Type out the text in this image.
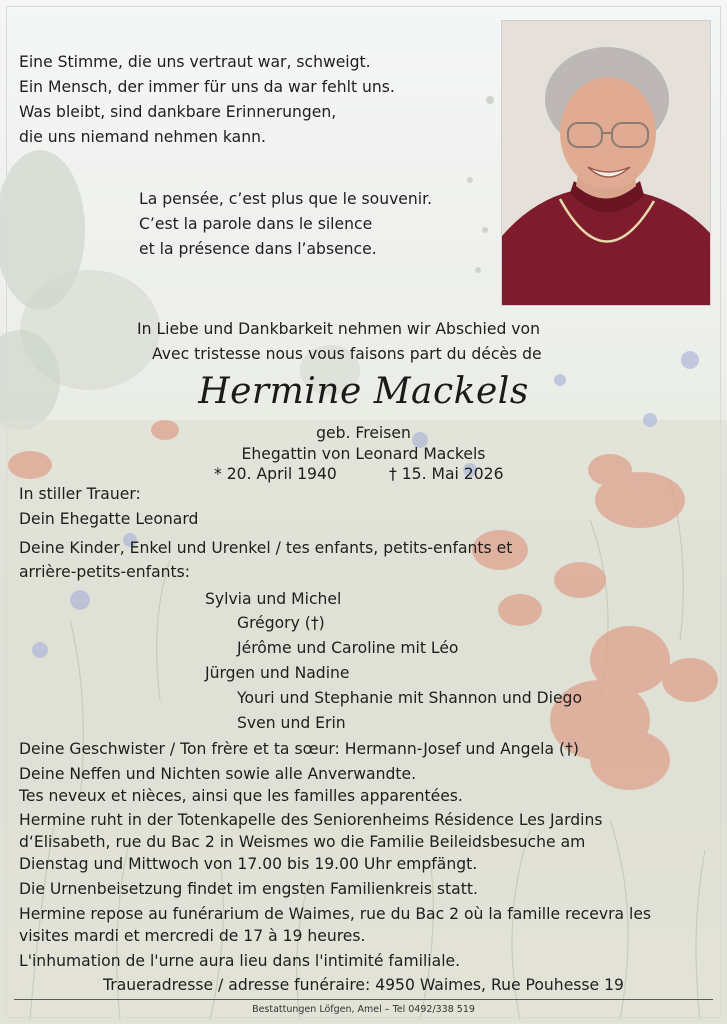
Eine Stimme, die uns vertraut war, schweigt.
Ein Mensch, der immer für uns da war fehlt uns.
Was bleibt, sind dankbare Erinnerungen,
die uns niemand nehmen kann.
La pensée, c’est plus que le souvenir.
C’est la parole dans le silence
et la présence dans l’absence.
In Liebe und Dankbarkeit nehmen wir Abschied von
Avec tristesse nous vous faisons part du décès de
Hermine Mackels
geb. Freisen
Ehegattin von Leonard Mackels
* 20. April 1940	† 15. Mai 2026
In stiller Trauer:
Dein Ehegatte Leonard
Deine Kinder, Enkel und Urenkel / tes enfants, petits-enfants et
arrière-petits-enfants:
Sylvia und Michel
Grégory (†)
Jérôme und Caroline mit Léo
Jürgen und Nadine
Youri und Stephanie mit Shannon und Diego
Sven und Erin
Deine Geschwister / Ton frère et ta sœur: Hermann-Josef und Angela (†)
Deine Neffen und Nichten sowie alle Anverwandte.
Tes neveux et nièces, ainsi que les familles apparentées.
Hermine ruht in der Totenkapelle des Seniorenheims Résidence Les Jardins
d‘Elisabeth, rue du Bac 2 in Weismes wo die Familie Beileidsbesuche am
Dienstag und Mittwoch von 17.00 bis 19.00 Uhr empfängt.
Die Urnenbeisetzung findet im engsten Familienkreis statt.
Hermine repose au funérarium de Waimes, rue du Bac 2 où la famille recevra les
visites mardi et mercredi de 17 à 19 heures.
L'inhumation de l'urne aura lieu dans l'intimité familiale.
Traueradresse / adresse funéraire: 4950 Waimes, Rue Pouhesse 19
Bestattungen Löfgen, Amel – Tel 0492/338 519
